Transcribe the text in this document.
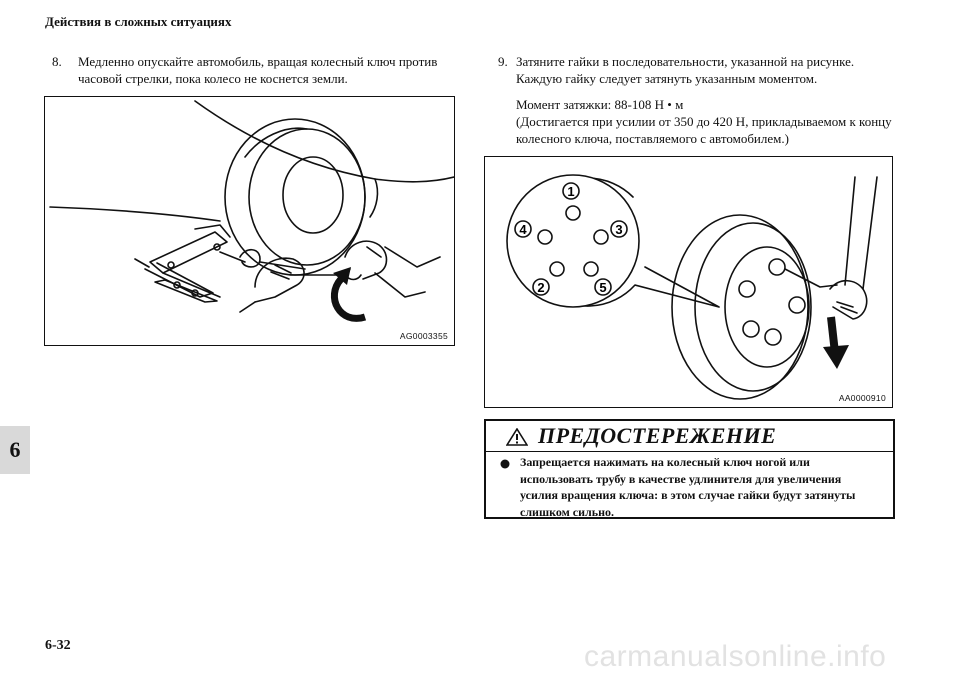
Действия в сложных ситуациях
6
8. Медленно опускайте автомобиль, вращая колесный ключ против часовой стрелки, пока колесо не коснется земли.

AG0003355
9. Затяните гайки в последовательности, указанной на рисунке. Каждую гайку следует затянуть указанным моментом.

Момент затяжки: 88-108 Н • м

(Достигается при усилии от 350 до 420 Н, прикладываемом к концу колесного ключа, поставляемого с автомобилем.)

1
4	3
2	5
AA0000910
ПРЕДОСТЕРЕЖЕНИЕ
Запрещается нажимать на колесный ключ ногой или использовать трубу в качестве удлинителя для увеличения усилия вращения ключа: в этом случае гайки будут затянуты слишком сильно.
6-32	carmanualsonline.info
